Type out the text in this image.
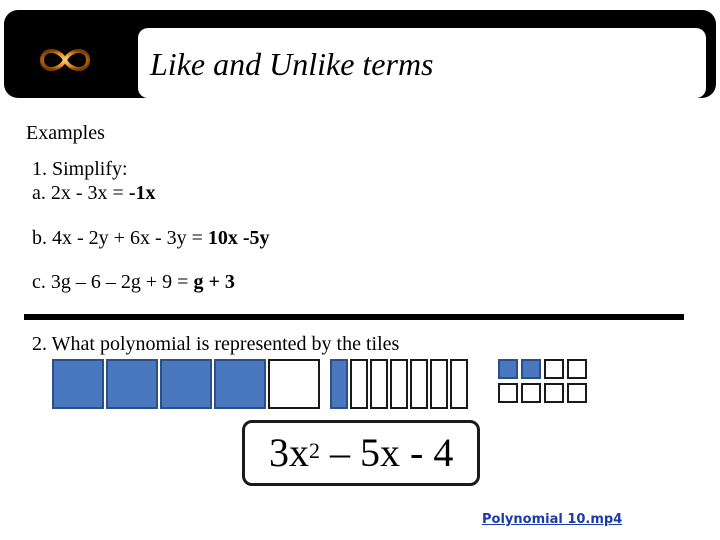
Like and Unlike terms
Examples
1. Simplify:
a. 2x - 3x = -1x
b. 4x - 2y + 6x - 3y = 10x -5y
c. 3g – 6 – 2g + 9 = g + 3
2. What polynomial is represented by the tiles
$3x^2 - 5x - 4$
Polynomial 10.mp4
